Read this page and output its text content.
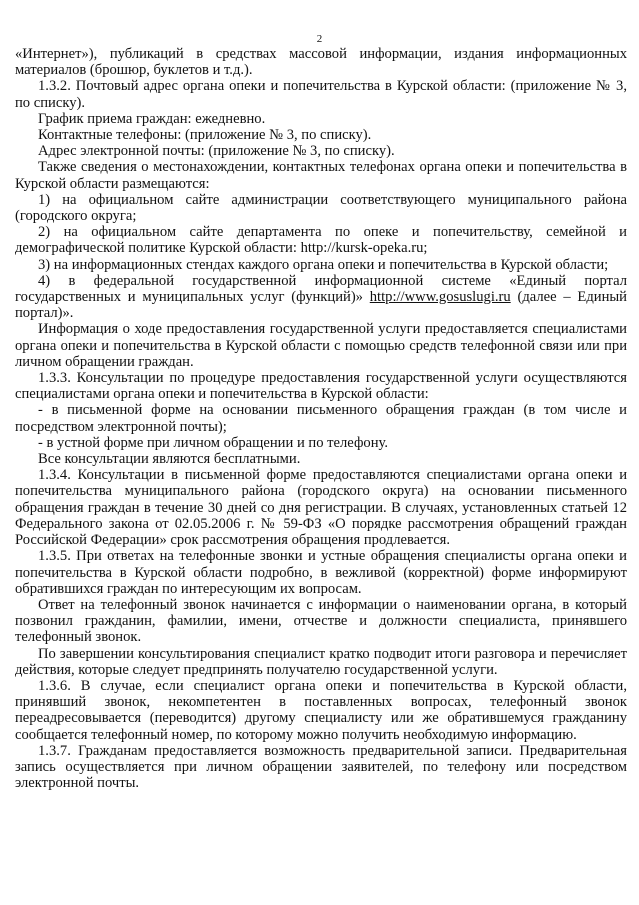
2

«Интернет»), публикаций в средствах массовой информации, издания информационных материалов (брошюр, буклетов и т.д.).

1.3.2. Почтовый адрес органа опеки и попечительства в Курской области: (приложение № 3, по списку).

График приема граждан: ежедневно.

Контактные телефоны: (приложение № 3, по списку).

Адрес электронной почты: (приложение № 3, по списку).

Также сведения о местонахождении, контактных телефонах органа опеки и попечительства в Курской области размещаются:

1) на официальном сайте администрации соответствующего муниципального района (городского округа;

2) на официальном сайте департамента по опеке и попечительству, семейной и демографической политике Курской области: http://kursk-opeka.ru;

3) на информационных стендах каждого органа опеки и попечительства в Курской области;

4) в федеральной государственной информационной системе «Единый портал государственных и муниципальных услуг (функций)» http://www.gosuslugi.ru (далее – Единый портал)».

Информация о ходе предоставления государственной услуги предоставляется специалистами органа опеки и попечительства в Курской области с помощью средств телефонной связи или при личном обращении граждан.

1.3.3. Консультации по процедуре предоставления государственной услуги осуществляются специалистами органа опеки и попечительства в Курской области:

- в письменной форме на основании письменного обращения граждан (в том числе и посредством электронной почты);

- в устной форме при личном обращении и по телефону.

Все консультации являются бесплатными.

1.3.4. Консультации в письменной форме предоставляются специалистами органа опеки и попечительства муниципального района (городского округа) на основании письменного обращения граждан в течение 30 дней со дня регистрации. В случаях, установленных статьей 12 Федерального закона от 02.05.2006 г. № 59-ФЗ «О порядке рассмотрения обращений граждан Российской Федерации» срок рассмотрения обращения продлевается.

1.3.5. При ответах на телефонные звонки и устные обращения специалисты органа опеки и попечительства в Курской области подробно, в вежливой (корректной) форме информируют обратившихся граждан по интересующим их вопросам.

Ответ на телефонный звонок начинается с информации о наименовании органа, в который позвонил гражданин, фамилии, имени, отчестве и должности специалиста, принявшего телефонный звонок.

По завершении консультирования специалист кратко подводит итоги разговора и перечисляет действия, которые следует предпринять получателю государственной услуги.

1.3.6. В случае, если специалист органа опеки и попечительства в Курской области, принявший звонок, некомпетентен в поставленных вопросах, телефонный звонок переадресовывается (переводится) другому специалисту или же обратившемуся гражданину сообщается телефонный номер, по которому можно получить необходимую информацию.

1.3.7. Гражданам предоставляется возможность предварительной записи. Предварительная запись осуществляется при личном обращении заявителей, по телефону или посредством электронной почты.
